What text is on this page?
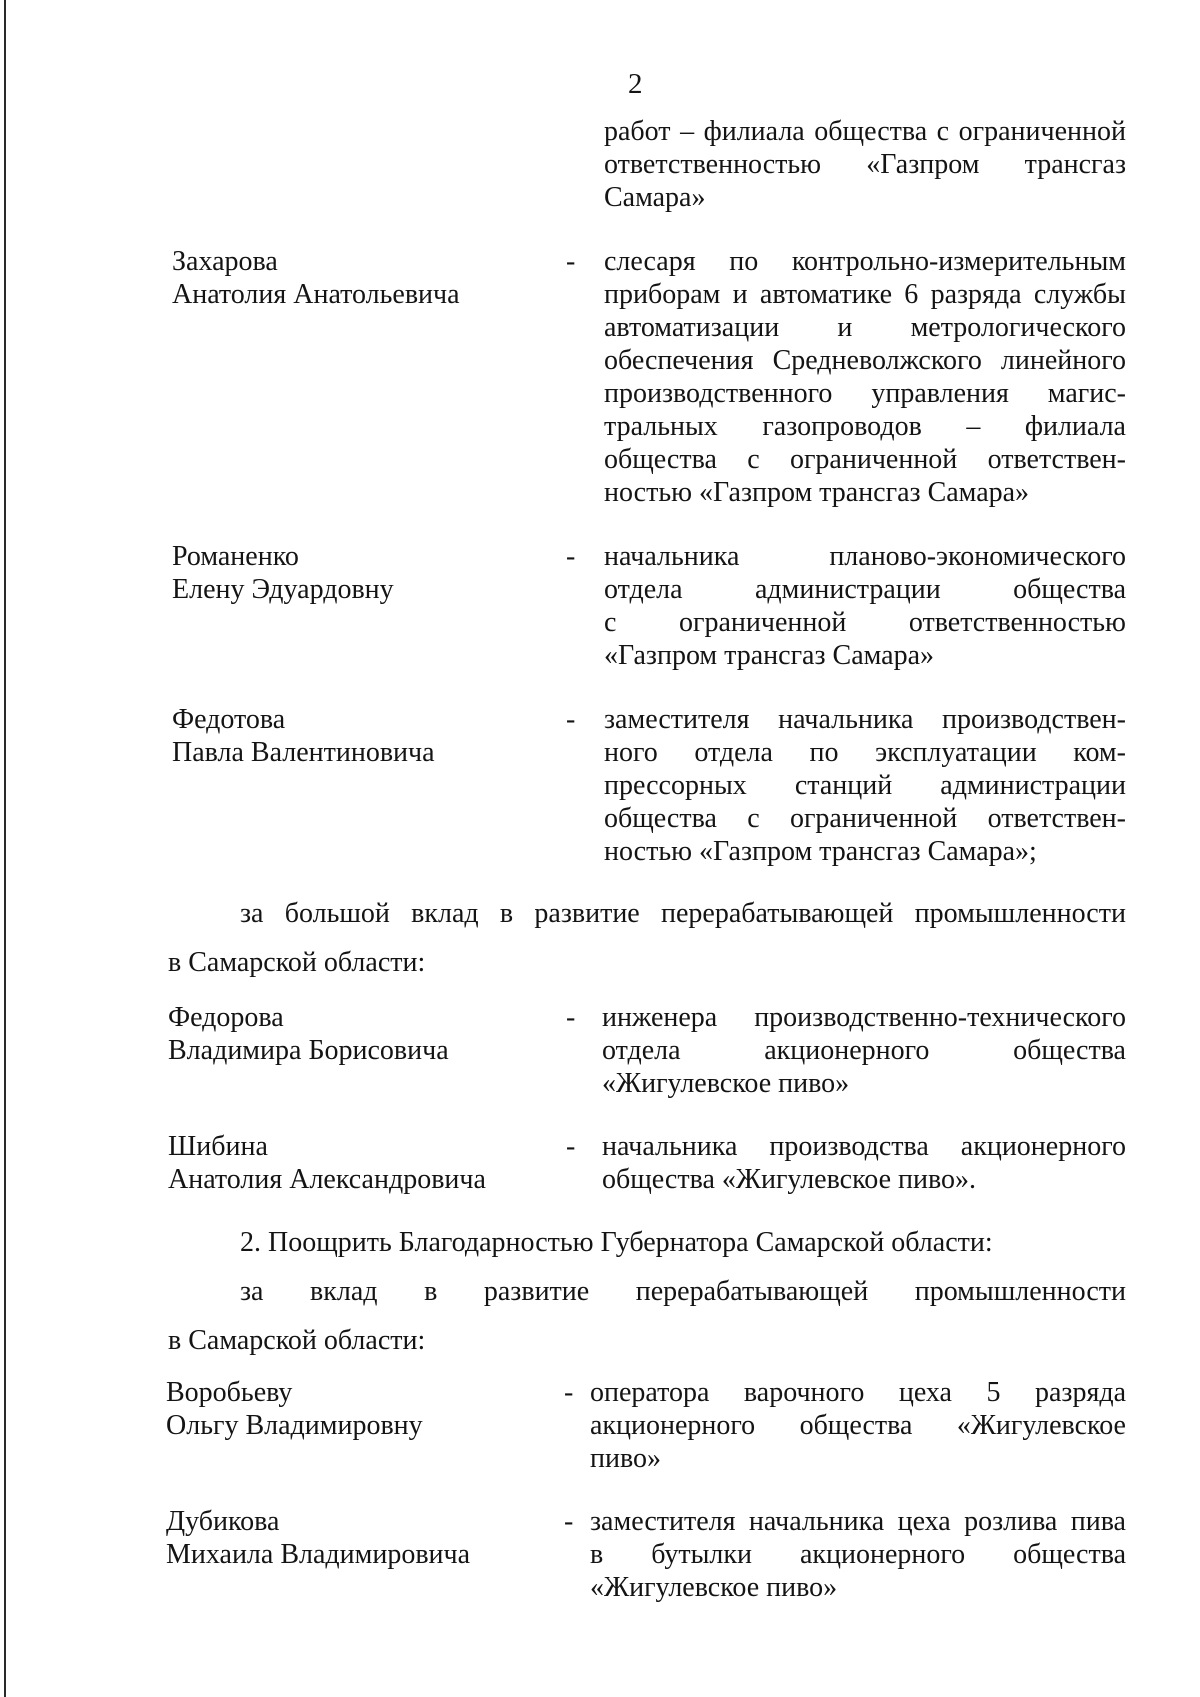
2
работ – филиала общества с ограниченной
ответственностью «Газпром трансгаз
Самара»
Захарова
Анатолия Анатольевича
- слесаря по контрольно-измерительным
приборам и автоматике 6 разряда службы
автоматизации и метрологического
обеспечения Средневолжского линейного
производственного управления магис-
тральных газопроводов – филиала
общества с ограниченной ответствен-
ностью «Газпром трансгаз Самара»
Романенко
Елену Эдуардовну
- начальника	планово-экономического
отдела	администрации	общества
с ограниченной ответственностью
«Газпром трансгаз Самара»
Федотова
Павла Валентиновича
- заместителя начальника производствен-
ного отдела по эксплуатации ком-
прессорных станций администрации
общества с ограниченной ответствен-
ностью «Газпром трансгаз Самара»;
за большой вклад в развитие перерабатывающей промышленности
в Самарской области:
Федорова
Владимира Борисовича
- инженера производственно-технического
отдела	акционерного	общества
«Жигулевское пиво»
Шибина
Анатолия Александровича
- начальника производства акционерного
общества «Жигулевское пиво».
2. Поощрить Благодарностью Губернатора Самарской области:
за вклад в развитие перерабатывающей промышленности
в Самарской области:
Воробьеву
Ольгу Владимировну
- оператора варочного цеха 5 разряда
акционерного общества «Жигулевское
пиво»
Дубикова
Михаила Владимировича
- заместителя начальника цеха розлива пива
в бутылки акционерного общества
«Жигулевское пиво»
